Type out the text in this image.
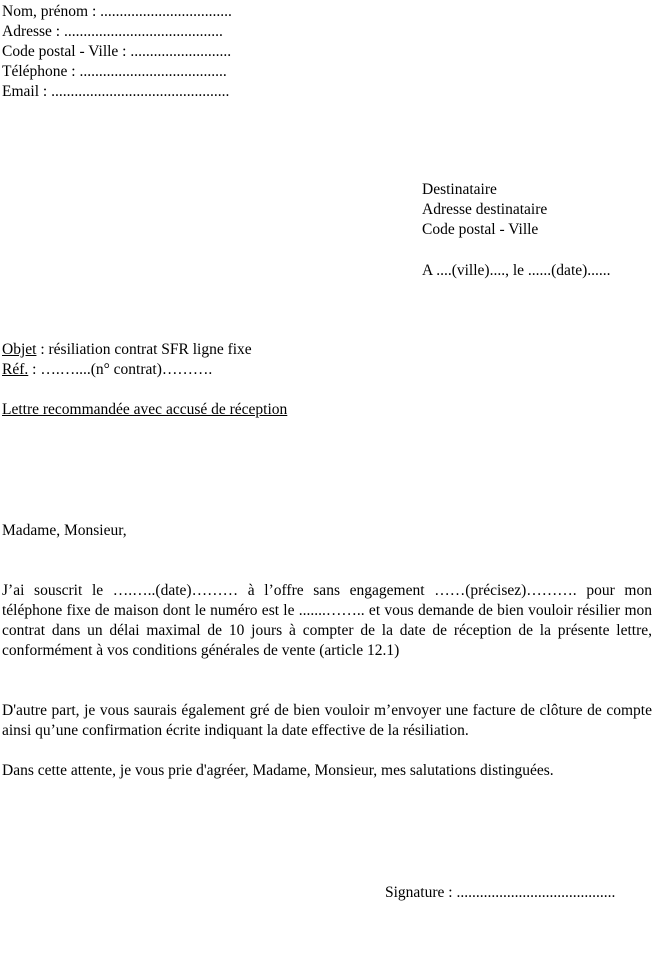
Nom, prénom : ..................................
Adresse : .........................................
Code postal - Ville : ..........................
Téléphone : ......................................
Email : ..............................................
Destinataire
Adresse destinataire
Code postal - Ville
A ....(ville)...., le ......(date)......
Objet : résiliation contrat SFR ligne fixe
Réf. : ….…....(n° contrat)……….
Lettre recommandée avec accusé de réception
Madame, Monsieur,
J’ai souscrit le ….…..(date)……… à l’offre sans engagement ……(précisez)………. pour mon téléphone fixe de maison dont le numéro est le .......…….. et vous demande de bien vouloir résilier mon contrat dans un délai maximal de 10 jours à compter de la date de réception de la présente lettre, conformément à vos conditions générales de vente (article 12.1)
D'autre part, je vous saurais également gré de bien vouloir m’envoyer une facture de clôture de compte ainsi qu’une confirmation écrite indiquant la date effective de la résiliation.
Dans cette attente, je vous prie d'agréer, Madame, Monsieur, mes salutations distinguées.
Signature : .........................................
